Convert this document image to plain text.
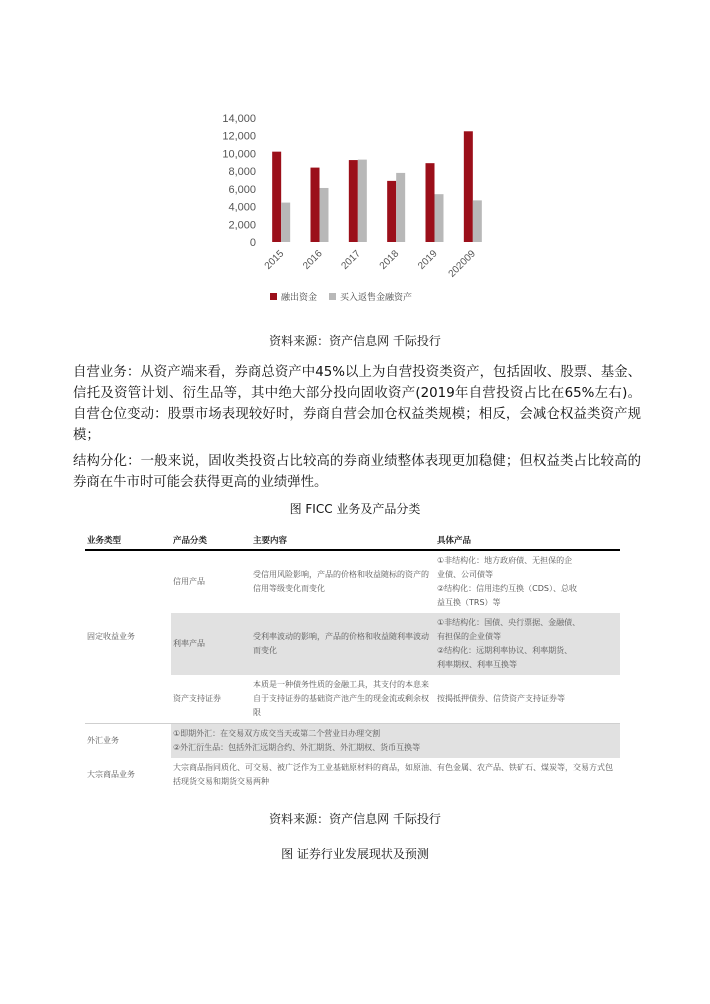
14,000
12,000
10,000
8,000
6,000
4,000
2,000
0
2015 2016 2017 2018 2019 202009
融出资金	买入返售金融资产
资料来源：资产信息网 千际投行

自营业务：从资产端来看，券商总资产中45%以上为自营投资类资产，包括固收、股票、基金、信托及资管计划、衍生品等，其中绝大部分投向固收资产(2019年自营投资占比在65%左右)。自营仓位变动：股票市场表现较好时，券商自营会加仓权益类规模；相反，会减仓权益类资产规模；

结构分化：一般来说，固收类投资占比较高的券商业绩整体表现更加稳健；但权益类占比较高的券商在牛市时可能会获得更高的业绩弹性。

图 FICC 业务及产品分类
业务类型	产品分类	主要内容	具体产品
固定收益业务	信用产品	受信用风险影响，产品的价格和收益随标的资产的信用等级变化而变化	①非结构化：地方政府债、无担保的企
业债、公司债等
②结构化：信用违约互换（CDS）、总收
益互换（TRS）等

	利率产品	受利率波动的影响，产品的价格和收益随利率波动而变化	①非结构化：国债、央行票据、金融债、
有担保的企业债等
②结构化：远期利率协议、利率期货、
利率期权、利率互换等

	资产支持证券	本质是一种债务性质的金融工具，其支付的本息来自于支持证券的基础资产池产生的现金流或剩余权限	按揭抵押债券、信贷资产支持证券等
外汇业务	①即期外汇：在交易双方成交当天或第二个营业日办理交割
②外汇衍生品：包括外汇远期合约、外汇期货、外汇期权、货币互换等		

大宗商品业务	大宗商品指同质化、可交易、被广泛作为工业基础原材料的商品，如原油、有色金属、农产品、铁矿石、煤炭等，交易方式包括现货交易和期货交易两种		
资料来源：资产信息网 千际投行
图 证券行业发展现状及预测
